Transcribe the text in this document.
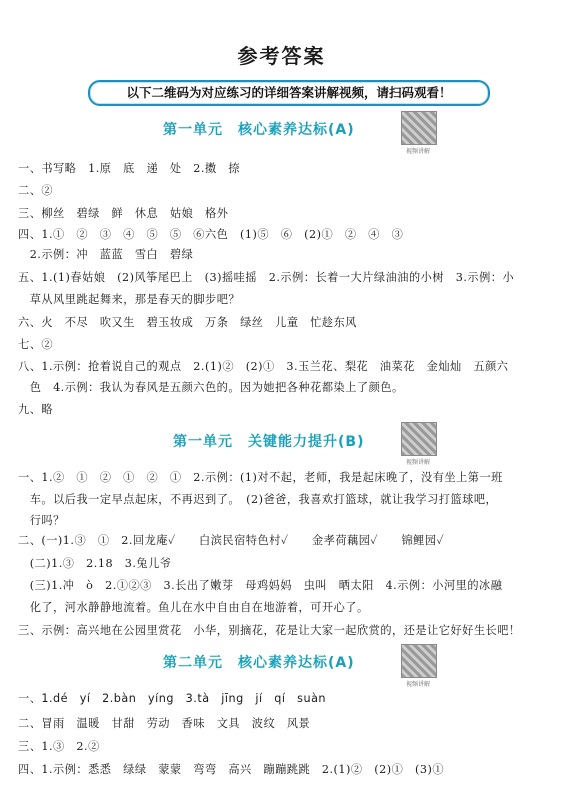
参考答案
以下二维码为对应练习的详细答案讲解视频，请扫码观看！
第一单元　核心素养达标(A)
视频讲解
一、书写略　1.原　底　递　处　2.擞　捺
二、②
三、柳丝　碧绿　鲜　休息　姑娘　格外
四、1.①　②　③　④　⑤　⑤　⑥六色　(1)⑤　⑥　(2)①　②　④　③
　2.示例：冲　蓝蓝　雪白　碧绿
五、1.(1)春姑娘　(2)风筝尾巴上　(3)摇哇摇　2.示例：长着一大片绿油油的小树　3.示例：小
　草从风里跳起舞来，那是春天的脚步吧？
六、火　不尽　吹又生　碧玉妆成　万条　绿丝　儿童　忙趁东风
七、②
八、1.示例：抢着说自己的观点　2.(1)②　(2)①　3.玉兰花、梨花　油菜花　金灿灿　五颜六
　色　4.示例：我认为春风是五颜六色的。因为她把各种花都染上了颜色。
九、略
第一单元　关键能力提升(B)
视频讲解
一、1.②　①　②　①　②　①　2.示例：(1)对不起，老师，我是起床晚了，没有坐上第一班
　车。以后我一定早点起床，不再迟到了。　(2)爸爸，我喜欢打篮球，就让我学习打篮球吧，
　行吗？
二、(一)1.③　①　2.回龙庵✓　　白滨民宿特色村✓　　金孝荷藕园✓　　锦鲤园✓
　(二)1.③　2.18　3.兔儿爷
　(三)1.冲　ò　2.①②③　3.长出了嫩芽　母鸡妈妈　虫叫　晒太阳　4.示例：小河里的冰融
　化了，河水静静地流着。鱼儿在水中自由自在地游着，可开心了。
三、示例：高兴地在公园里赏花　小华，别摘花，花是让大家一起欣赏的，还是让它好好生长吧！
第二单元　核心素养达标(A)
视频讲解
一、1.dé　yí　2.bàn　yíng　3.tà　jīng　jí　qí　suàn
二、冒雨　温暖　甘甜　劳动　香味　文具　波纹　风景
三、1.③　2.②
四、1.示例：悉悉　绿绿　蒙蒙　弯弯　高兴　蹦蹦跳跳　2.(1)②　(2)①　(3)①
三、柳丝　碧空　⑫无云　③引注　⑤⑤　⑥六色
